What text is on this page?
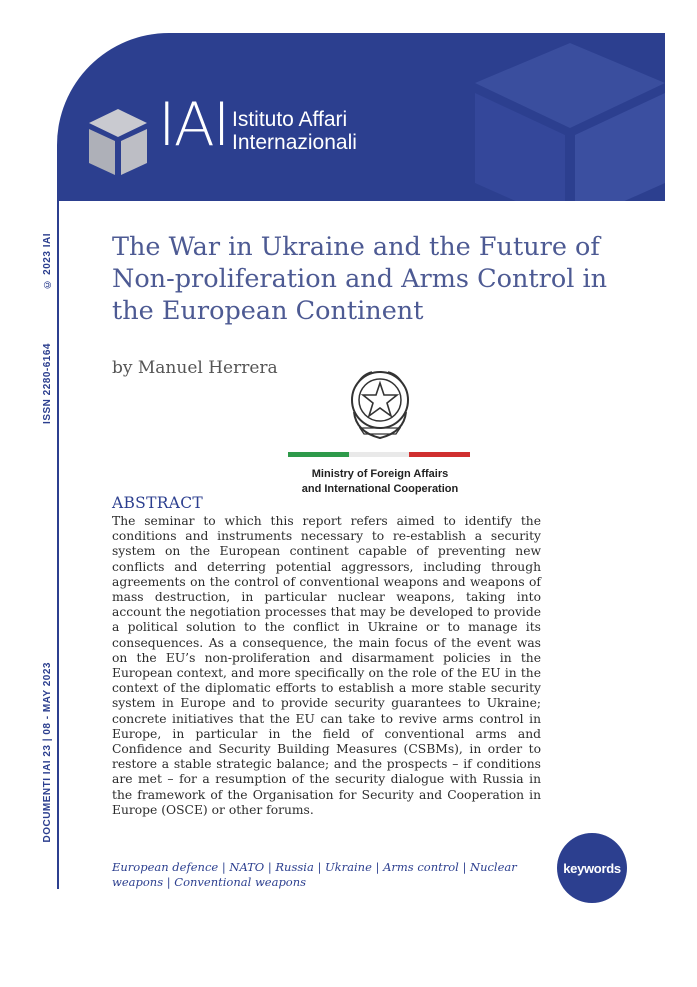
IAI Istituto Affari
Internazionali
© 2023 IAI
ISSN 2280-6164
DOCUMENTI IAI 23 | 08 - MAY 2023
The War in Ukraine and the Future of Non-proliferation and Arms Control in the European Continent
by Manuel Herrera
Ministry of Foreign Affairs
and International Cooperation
ABSTRACT

The seminar to which this report refers aimed to identify the conditions and instruments necessary to re-establish a security system on the European continent capable of preventing new conflicts and deterring potential aggressors, including through agreements on the control of conventional weapons and weapons of mass destruction, in particular nuclear weapons, taking into account the negotiation processes that may be developed to provide a political solution to the conflict in Ukraine or to manage its consequences. As a consequence, the main focus of the event was on the EU’s non-proliferation and disarmament policies in the European context, and more specifically on the role of the EU in the context of the diplomatic efforts to establish a more stable security system in Europe and to provide security guarantees to Ukraine; concrete initiatives that the EU can take to revive arms control in Europe, in particular in the field of conventional arms and Confidence and Security Building Measures (CSBMs), in order to restore a stable strategic balance; and the prospects – if conditions are met – for a resumption of the security dialogue with Russia in the framework of the Organisation for Security and Cooperation in Europe (OSCE) or other forums.

European defence | NATO | Russia | Ukraine | Arms control | Nuclear weapons | Conventional weapons
keywords
